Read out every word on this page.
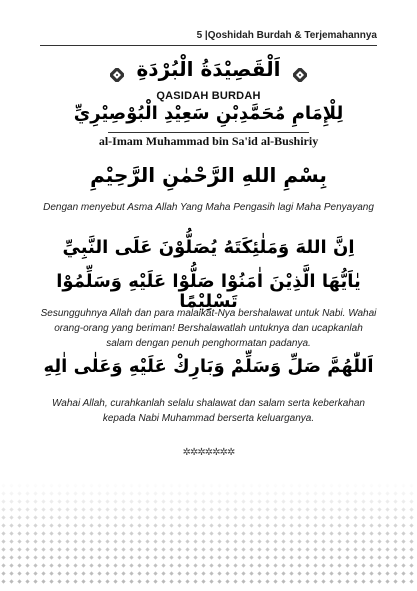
5 |Qoshidah Burdah & Terjemahannya
اَلْقَصِيْدَةُ الْبُرْدَةِ
QASIDAH BURDAH
لِلْإِمَامِ مُحَمَّدِبْنِ سَعِيْدِ الْبُوْصِيْرِيِّ
al-Imam Muhammad bin Sa'id al-Bushiriy
بِسْمِ اللهِ الرَّحْمٰنِ الرَّحِيْمِ
Dengan menyebut Asma Allah Yang Maha Pengasih lagi Maha Penyayang
اِنَّ اللهَ وَمَلٰئِكَتَهُ يُصَلُّوْنَ عَلَى النَّبِيِّ
يٰاَيُّهَا الَّذِيْنَ اٰمَنُوْا صَلُّوْا عَلَيْهِ وَسَلِّمُوْا تَسْلِيْمًا
Sesungguhnya Allah dan para malaikat-Nya bershalawat untuk Nabi. Wahai orang-orang yang beriman! Bershalawatlah untuknya dan ucapkanlah salam dengan penuh penghormatan padanya.
اَللّٰهُمَّ صَلِّ وَسَلِّمْ وَبَارِكْ عَلَيْهِ وَعَلٰى اٰلِهِ
Wahai Allah, curahkanlah selalu shalawat dan salam serta keberkahan kepada Nabi Muhammad berserta keluarganya.
✲✲✲✲✲✲✲
